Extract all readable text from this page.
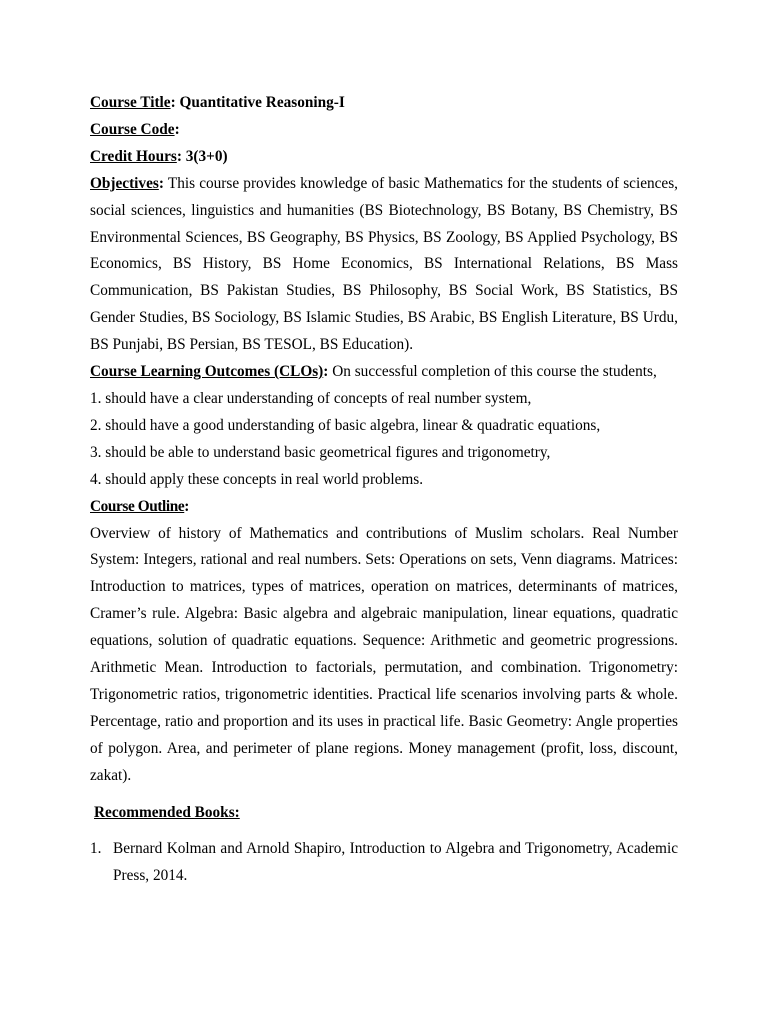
Course Title: Quantitative Reasoning-I

Course Code:

Credit Hours: 3(3+0)

Objectives: This course provides knowledge of basic Mathematics for the students of sciences, social sciences, linguistics and humanities (BS Biotechnology, BS Botany, BS Chemistry, BS Environmental Sciences, BS Geography, BS Physics, BS Zoology, BS Applied Psychology, BS Economics, BS History, BS Home Economics, BS International Relations, BS Mass Communication, BS Pakistan Studies, BS Philosophy, BS Social Work, BS Statistics, BS Gender Studies, BS Sociology, BS Islamic Studies, BS Arabic, BS English Literature, BS Urdu, BS Punjabi, BS Persian, BS TESOL, BS Education).

Course Learning Outcomes (CLOs): On successful completion of this course the students,

1. should have a clear understanding of concepts of real number system,

2. should have a good understanding of basic algebra, linear & quadratic equations,

3. should be able to understand basic geometrical figures and trigonometry,

4. should apply these concepts in real world problems.

Course Outline:

Overview of history of Mathematics and contributions of Muslim scholars. Real Number System: Integers, rational and real numbers. Sets: Operations on sets, Venn diagrams. Matrices: Introduction to matrices, types of matrices, operation on matrices, determinants of matrices, Cramer’s rule. Algebra: Basic algebra and algebraic manipulation, linear equations, quadratic equations, solution of quadratic equations. Sequence: Arithmetic and geometric progressions. Arithmetic Mean. Introduction to factorials, permutation, and combination. Trigonometry: Trigonometric ratios, trigonometric identities. Practical life scenarios involving parts & whole. Percentage, ratio and proportion and its uses in practical life. Basic Geometry: Angle properties of polygon. Area, and perimeter of plane regions. Money management (profit, loss, discount, zakat).

Recommended Books:

1. Bernard Kolman and Arnold Shapiro, Introduction to Algebra and Trigonometry, Academic Press, 2014.
